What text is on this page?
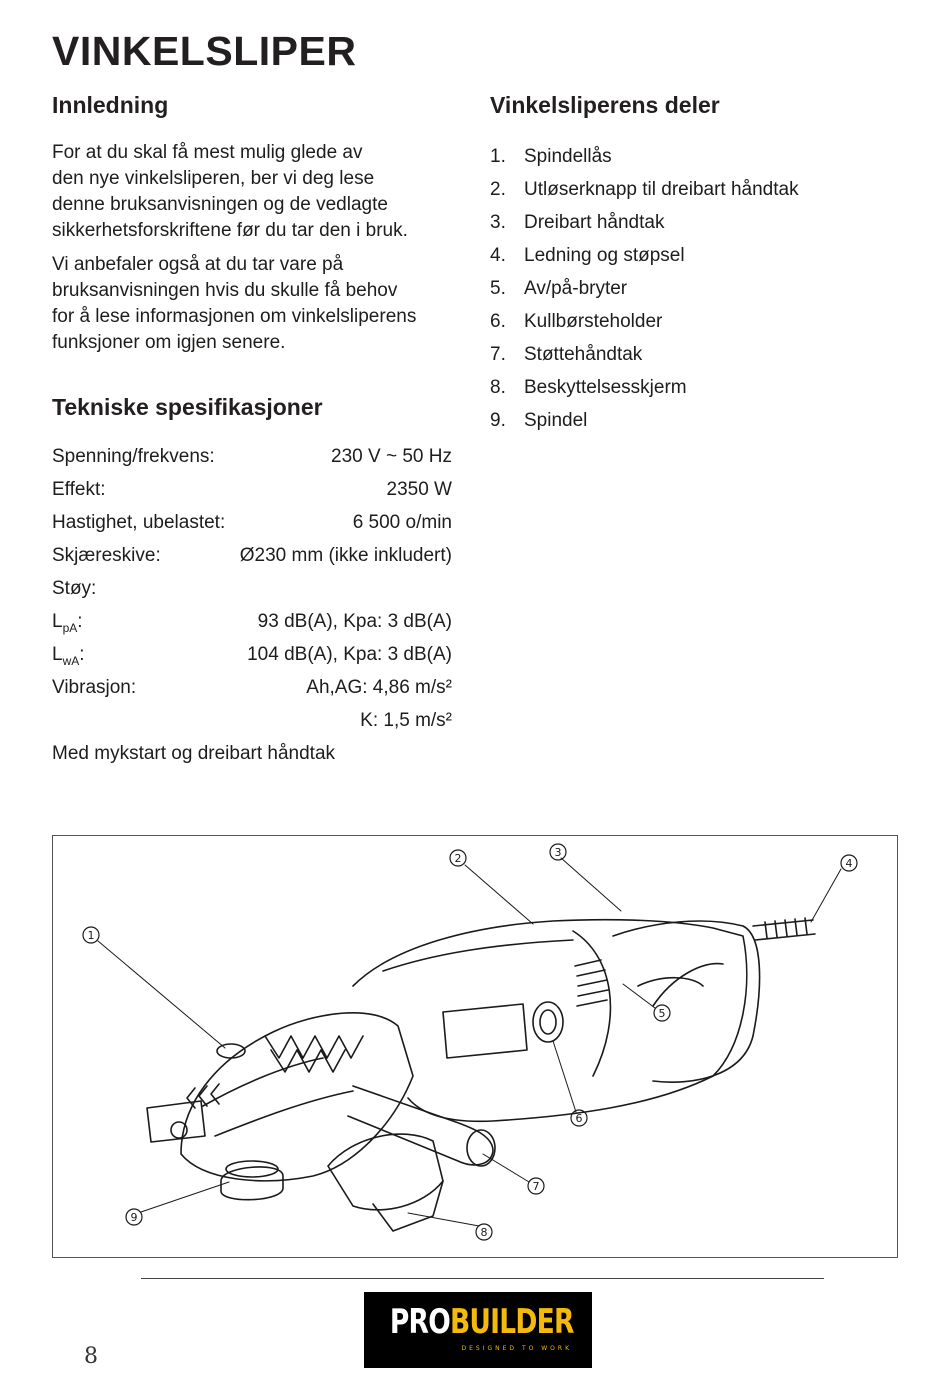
VINKELSLIPER
Innledning

For at du skal få mest mulig glede av
den nye vinkelsliperen, ber vi deg lese
denne bruksanvisningen og de vedlagte
sikkerhetsforskriftene før du tar den i bruk.

Vi anbefaler også at du tar vare på
bruksanvisningen hvis du skulle få behov
for å lese informasjonen om vinkelsliperens
funksjoner om igjen senere.

Tekniske spesifikasjoner
Spenning/frekvens:	230 V ~ 50 Hz
Effekt:	2350 W
Hastighet, ubelastet:	6 500 o/min
Skjæreskive:	Ø230 mm (ikke inkludert)
Støy:
$L_{pA}$:	93 dB(A), Kpa: 3 dB(A)
$L_{wA}$:	104 dB(A), Kpa: 3 dB(A)
Vibrasjon:	Ah,AG: 4,86 m/s²
K: 1,5 m/s²
Med mykstart og dreibart håndtak
Vinkelsliperens deler
1. Spindellås
2. Utløserknapp til dreibart håndtak
3. Dreibart håndtak
4. Ledning og støpsel
5. Av/på-bryter
6. Kullbørsteholder
7. Støttehåndtak
8. Beskyttelsesskjerm
9. Spindel
1
2	3
4
5
6
7
8
9
PROBUILDER
DESIGNED TO WORK
8
